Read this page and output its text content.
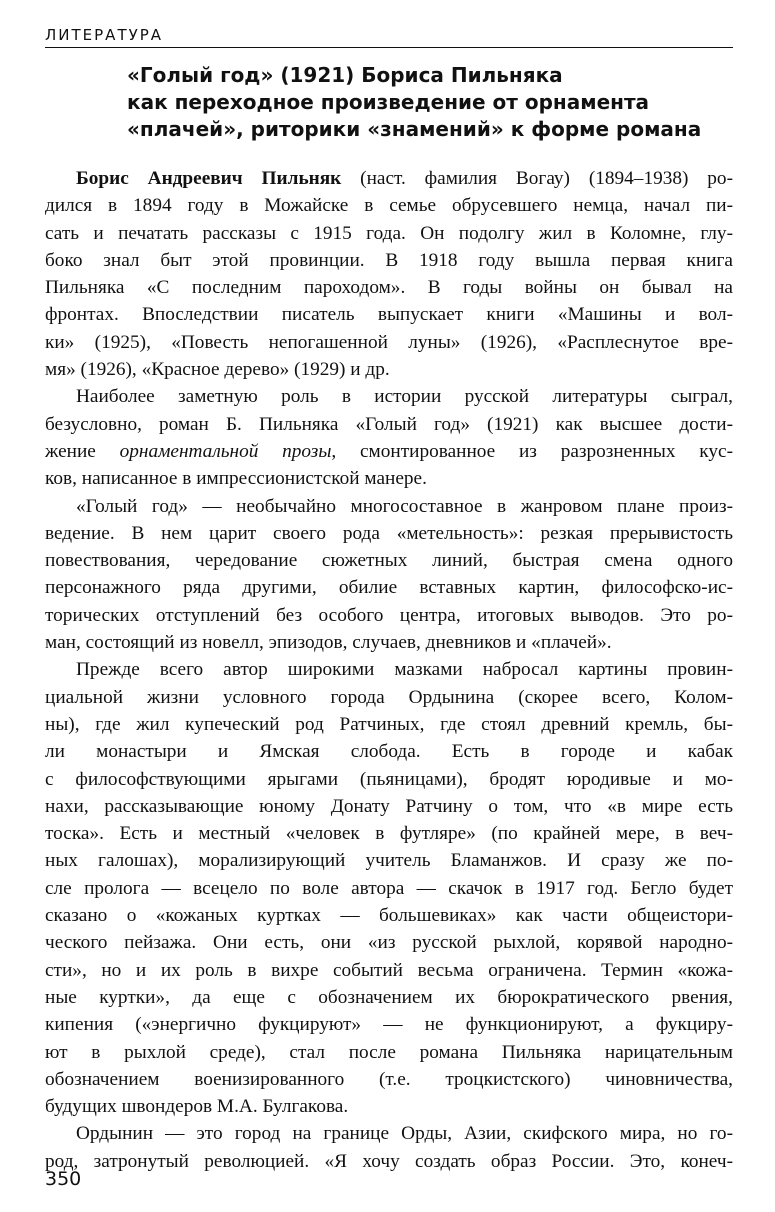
ЛИТЕРАТУРА
«Голый год» (1921) Бориса Пильняка
как переходное произведение от орнамента
«плачей», риторики «знамений» к форме романа
Борис Андреевич Пильняк (наст. фамилия Вогау) (1894–1938) ро-
дился в 1894 году в Можайске в семье обрусевшего немца, начал пи-
сать и печатать рассказы с 1915 года. Он подолгу жил в Коломне, глу-
боко знал быт этой провинции. В 1918 году вышла первая книга
Пильняка «С последним пароходом». В годы войны он бывал на
фронтах. Впоследствии писатель выпускает книги «Машины и вол-
ки» (1925), «Повесть непогашенной луны» (1926), «Расплеснутое вре-
мя» (1926), «Красное дерево» (1929) и др.
Наиболее заметную роль в истории русской литературы сыграл,
безусловно, роман Б. Пильняка «Голый год» (1921) как высшее дости-
жение орнаментальной прозы, смонтированное из разрозненных кус-
ков, написанное в импрессионистской манере.
«Голый год» — необычайно многосоставное в жанровом плане произ-
ведение. В нем царит своего рода «метельность»: резкая прерывистость
повествования, чередование сюжетных линий, быстрая смена одного
персонажного ряда другими, обилие вставных картин, философско-ис-
торических отступлений без особого центра, итоговых выводов. Это ро-
ман, состоящий из новелл, эпизодов, случаев, дневников и «плачей».
Прежде всего автор широкими мазками набросал картины провин-
циальной жизни условного города Ордынина (скорее всего, Колом-
ны), где жил купеческий род Ратчиных, где стоял древний кремль, бы-
ли монастыри и Ямская слобода. Есть в городе и кабак
с философствующими ярыгами (пьяницами), бродят юродивые и мо-
нахи, рассказывающие юному Донату Ратчину о том, что «в мире есть
тоска». Есть и местный «человек в футляре» (по крайней мере, в веч-
ных галошах), морализирующий учитель Бламанжов. И сразу же по-
сле пролога — всецело по воле автора — скачок в 1917 год. Бегло будет
сказано о «кожаных куртках — большевиках» как части общеистори-
ческого пейзажа. Они есть, они «из русской рыхлой, корявой народно-
сти», но и их роль в вихре событий весьма ограничена. Термин «кожа-
ные куртки», да еще с обозначением их бюрократического рвения,
кипения («энергично фукцируют» — не функционируют, а фукциру-
ют в рыхлой среде), стал после романа Пильняка нарицательным
обозначением военизированного (т.е. троцкистского) чиновничества,
будущих швондеров М.А. Булгакова.
Ордынин — это город на границе Орды, Азии, скифского мира, но го-
род, затронутый революцией. «Я хочу создать образ России. Это, конеч-
350
